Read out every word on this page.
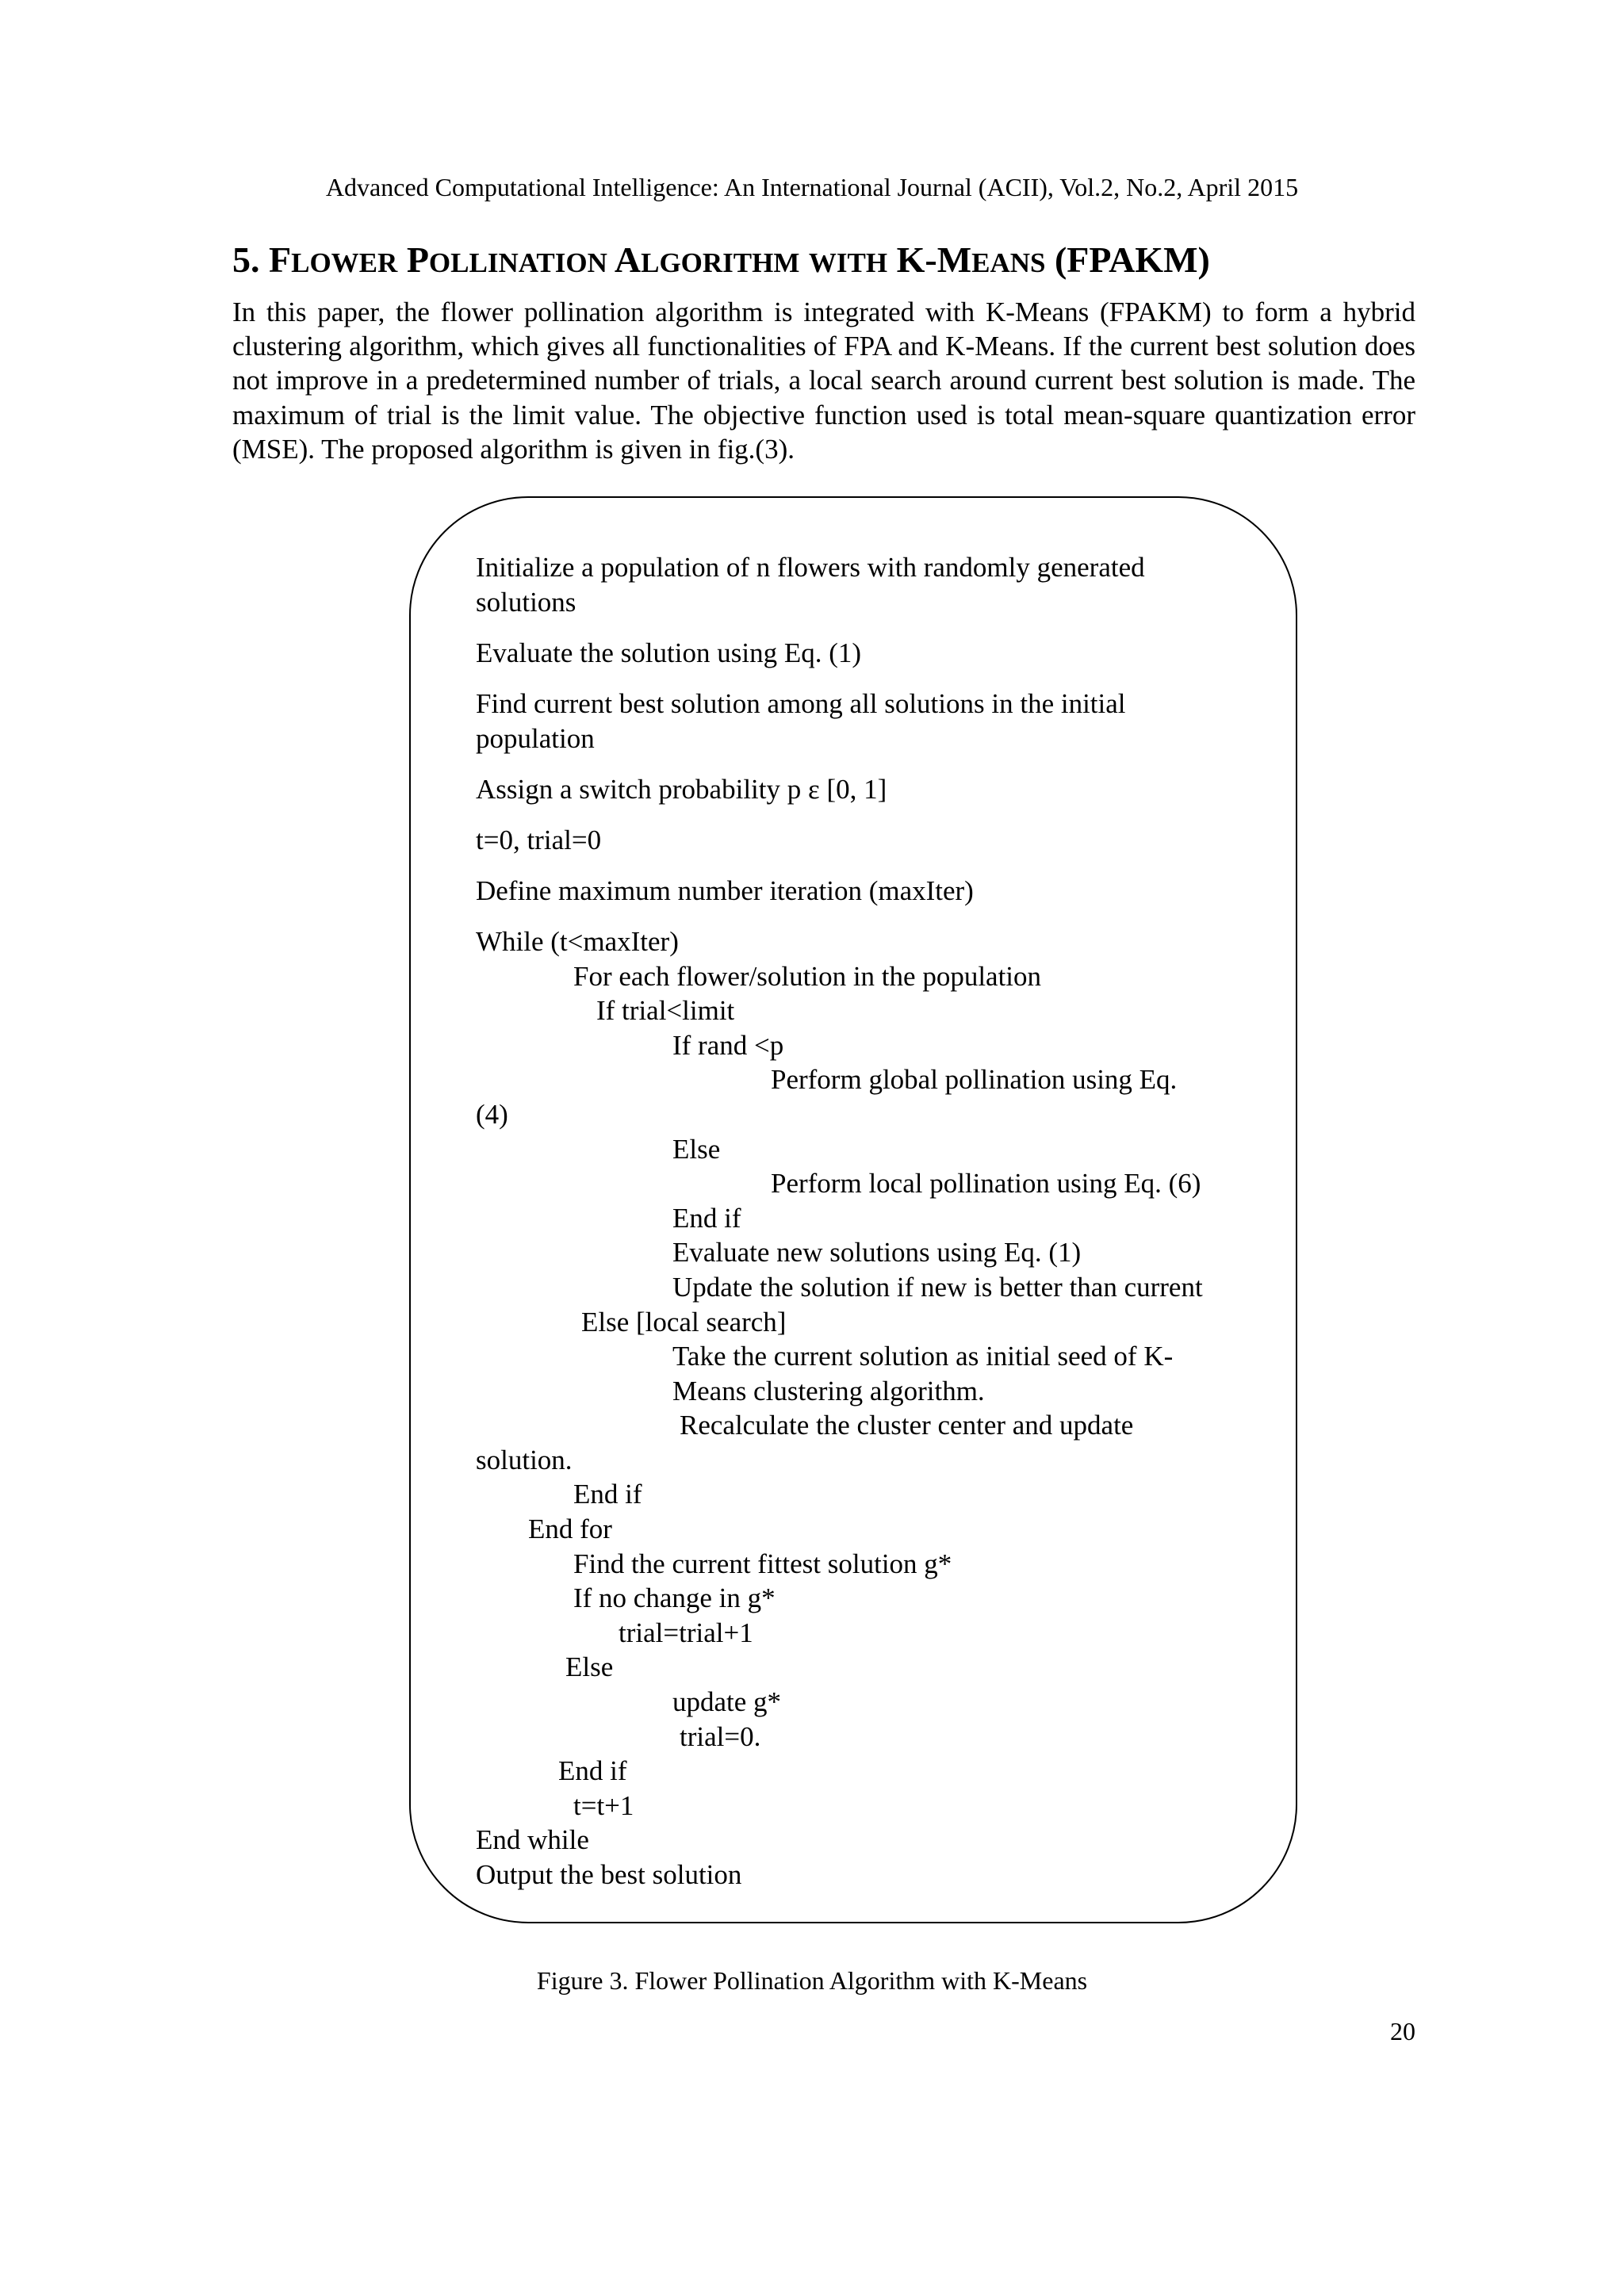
Advanced Computational Intelligence: An International Journal (ACII), Vol.2, No.2, April 2015
5. FLOWER POLLINATION ALGORITHM WITH K-MEANS (FPAKM)

In this paper, the flower pollination algorithm is integrated with K-Means (FPAKM) to form a hybrid clustering algorithm, which gives all functionalities of FPA and K-Means. If the current best solution does not improve in a predetermined number of trials, a local search around current best solution is made. The maximum of trial is the limit value. The objective function used is total mean-square quantization error (MSE). The proposed algorithm is given in fig.(3).

Initialize a population of n flowers with randomly generated
solutions
Evaluate the solution using Eq. (1)
Find current best solution among all solutions in the initial
population
Assign a switch probability p ε [0, 1]
t=0, trial=0
Define maximum number iteration (maxIter)
While (t<maxIter)
For each flower/solution in the population
If trial<limit
If rand <p
Perform global pollination using Eq.
(4)
Else
Perform local pollination using Eq. (6)
End if
Evaluate new solutions using Eq. (1)
Update the solution if new is better than current
Else [local search]
Take the current solution as initial seed of K-
Means clustering algorithm.
Recalculate the cluster center and update
solution.
End if
End for
Find the current fittest solution g*
If no change in g*
trial=trial+1
Else
update g*
trial=0.
End if
t=t+1
End while
Output the best solution
Figure 3. Flower Pollination Algorithm with K-Means
20
